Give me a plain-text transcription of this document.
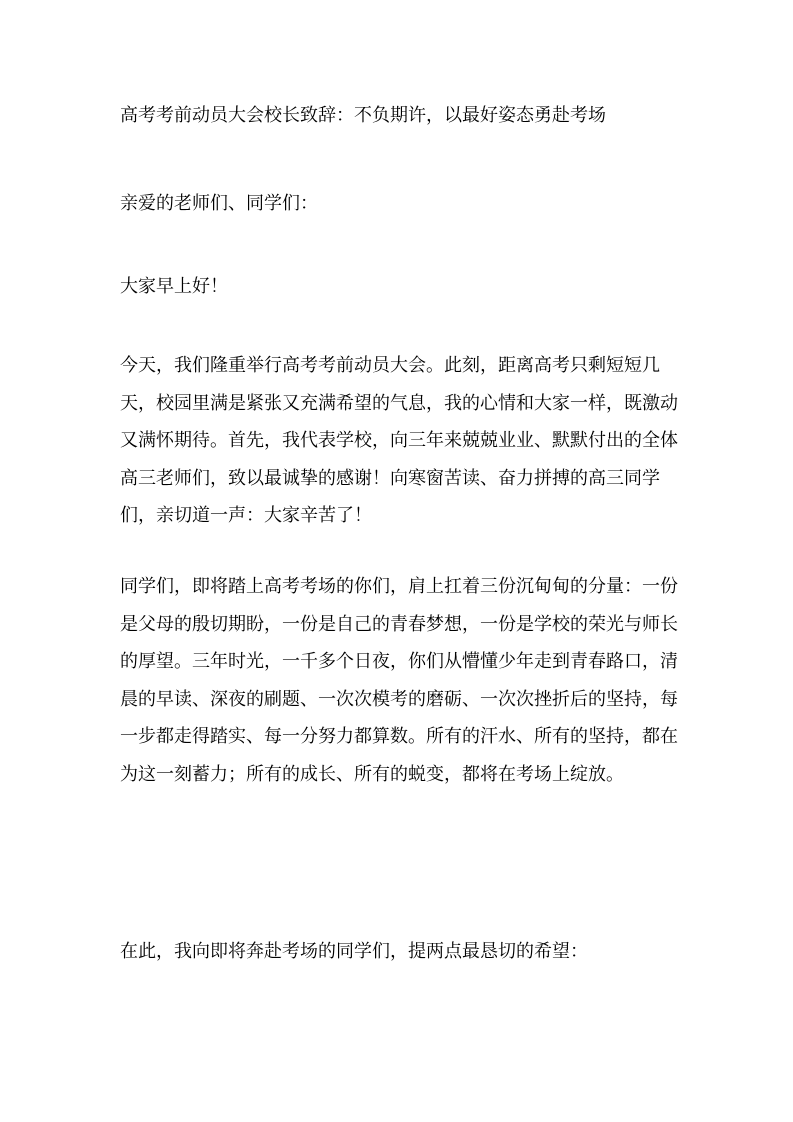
高考考前动员大会校长致辞：不负期许，以最好姿态勇赴考场

亲爱的老师们、同学们：

大家早上好！

今天，我们隆重举行高考考前动员大会。此刻，距离高考只剩短短几天，校园里满是紧张又充满希望的气息，我的心情和大家一样，既激动又满怀期待。首先，我代表学校，向三年来兢兢业业、默默付出的全体高三老师们，致以最诚挚的感谢！向寒窗苦读、奋力拼搏的高三同学们，亲切道一声：大家辛苦了！

同学们，即将踏上高考考场的你们，肩上扛着三份沉甸甸的分量：一份是父母的殷切期盼，一份是自己的青春梦想，一份是学校的荣光与师长的厚望。三年时光，一千多个日夜，你们从懵懂少年走到青春路口，清晨的早读、深夜的刷题、一次次模考的磨砺、一次次挫折后的坚持，每一步都走得踏实、每一分努力都算数。所有的汗水、所有的坚持，都在为这一刻蓄力；所有的成长、所有的蜕变，都将在考场上绽放。

在此，我向即将奔赴考场的同学们，提两点最恳切的希望：
